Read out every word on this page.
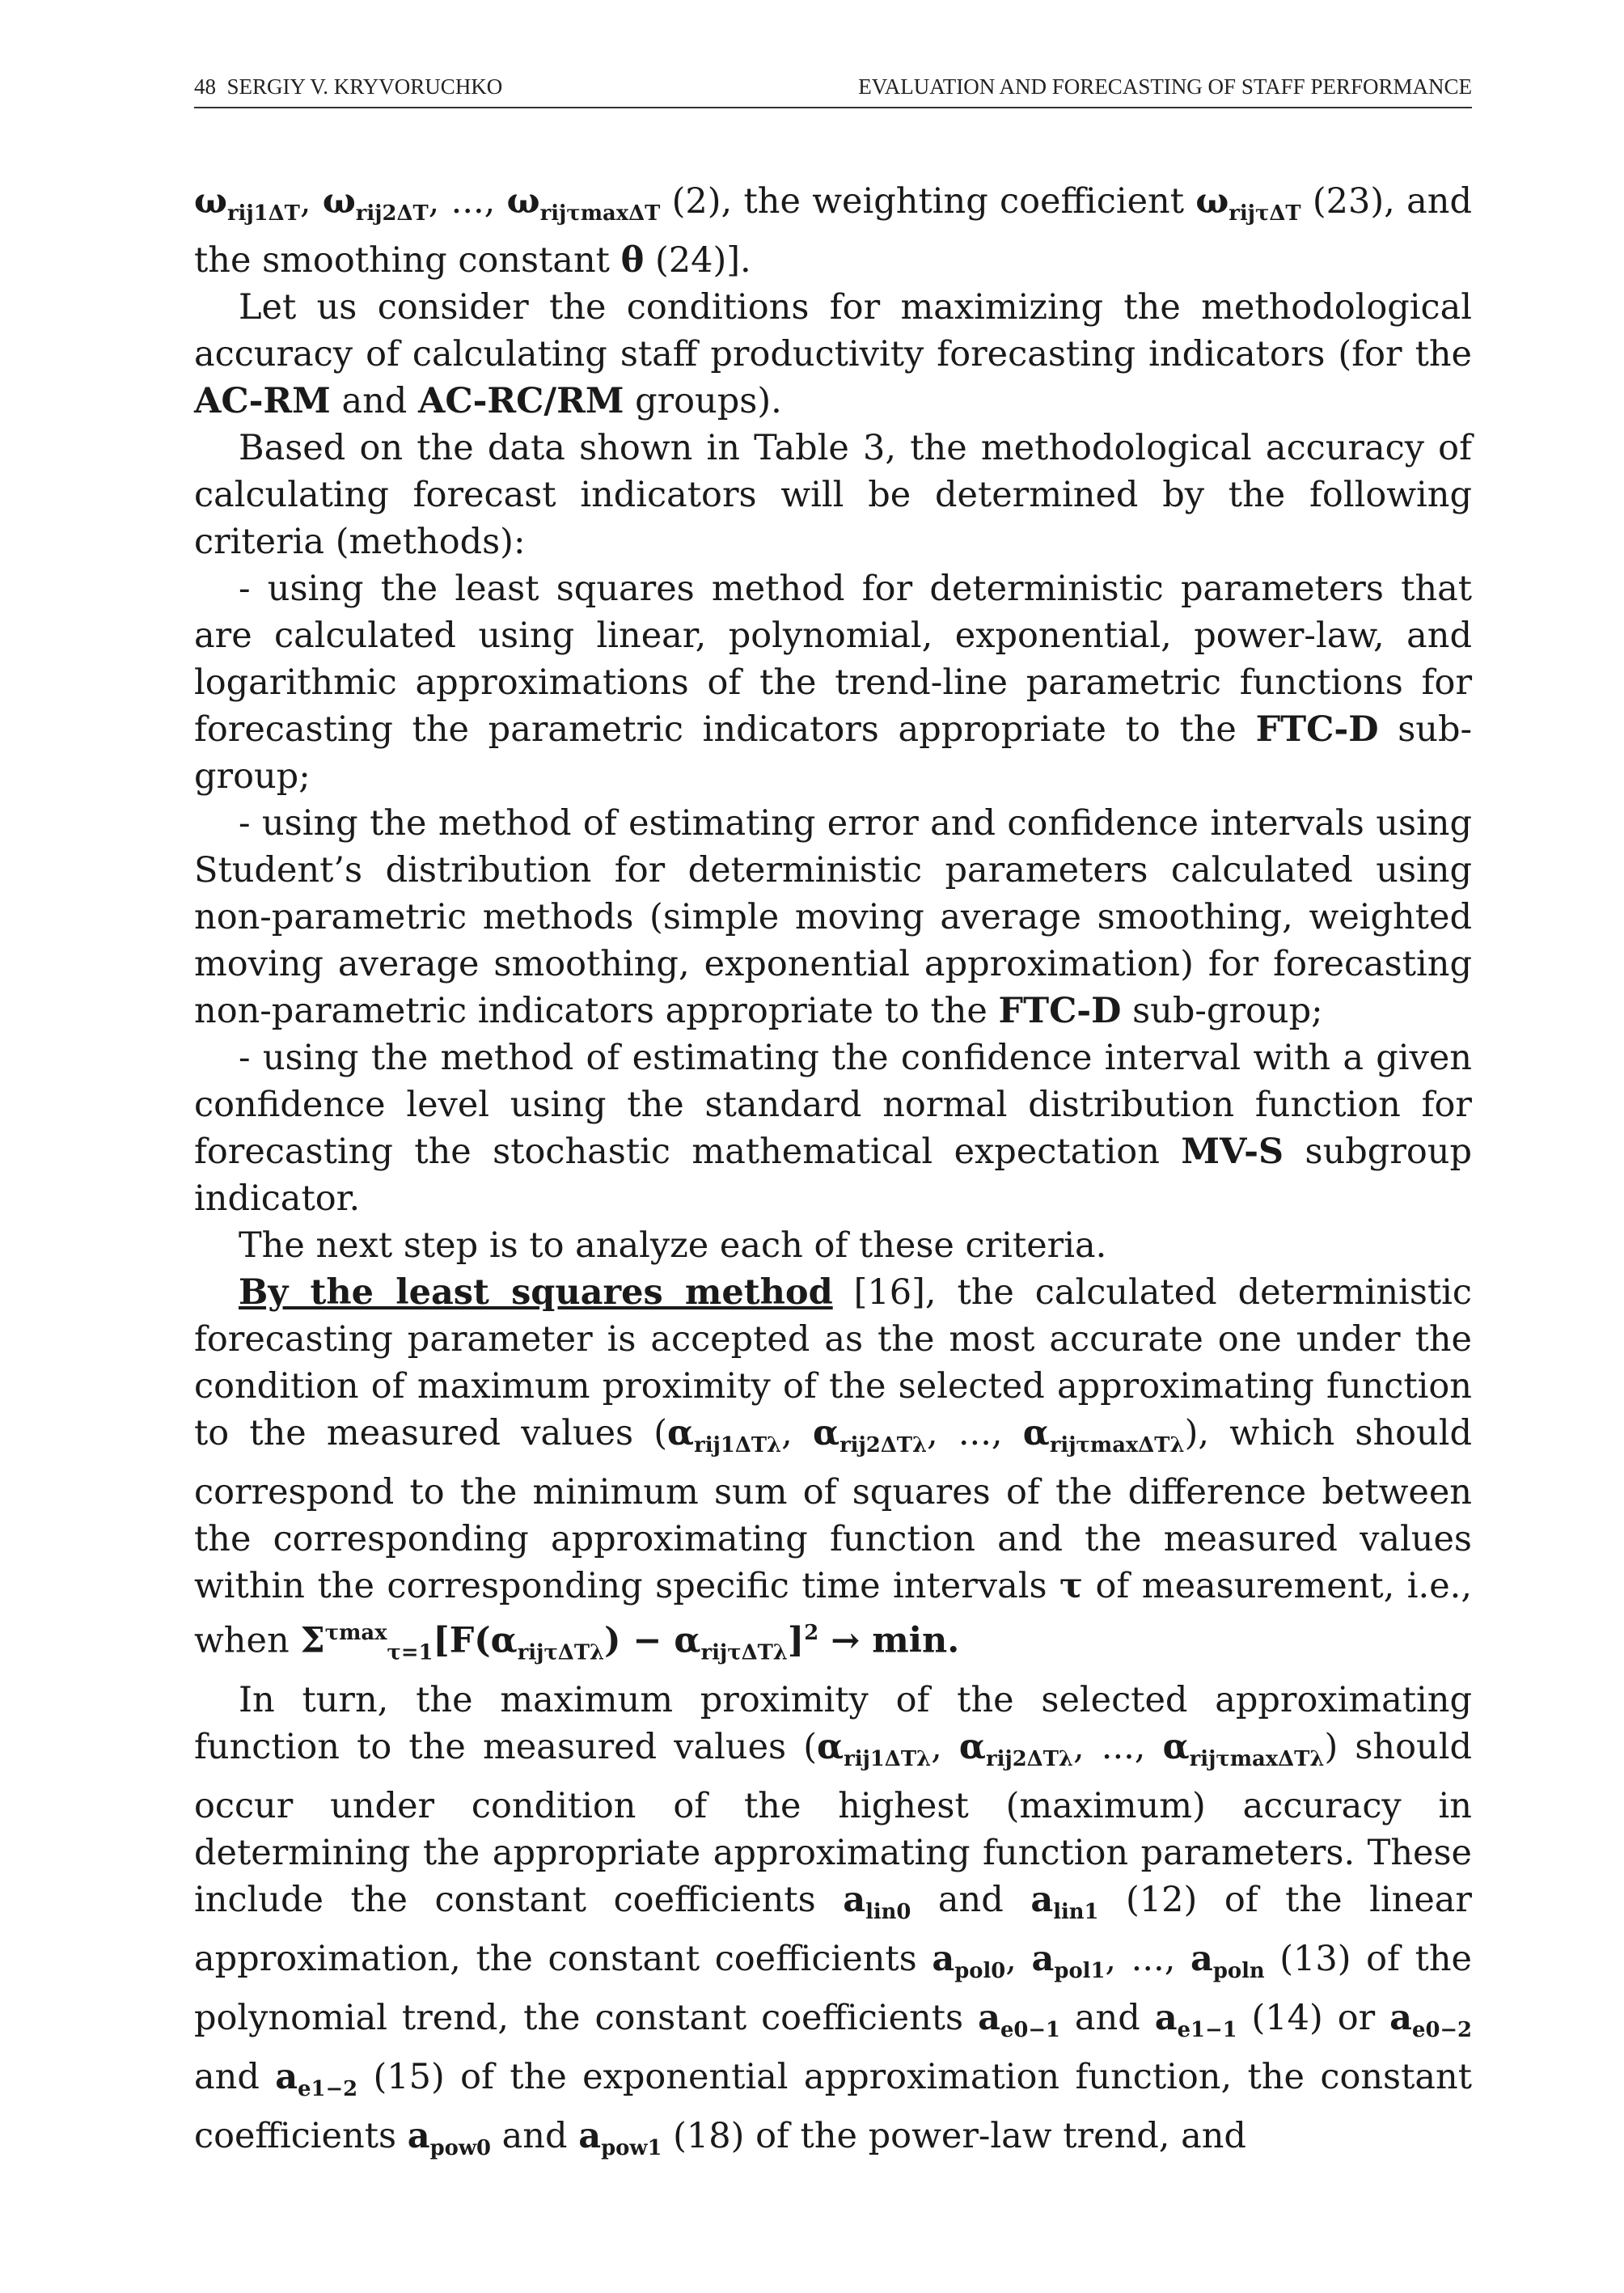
48 SERGIY V. KRYVORUCHKO	EVALUATION AND FORECASTING OF STAFF PERFORMANCE

$\omega_{rij1\Delta T}$, $\omega_{rij2\Delta T}$, ..., $\omega_{rij\tau max\Delta T}$ (2), the weighting coefficient $\omega_{rij\tau\Delta T}$ (23), and the smoothing constant θ (24)].

Let us consider the conditions for maximizing the methodological accuracy of calculating staff productivity forecasting indicators (for the AC-RM and AC-RC/RM groups).

Based on the data shown in Table 3, the methodological accuracy of calculating forecast indicators will be determined by the following criteria (methods):

- using the least squares method for deterministic parameters that are calculated using linear, polynomial, exponential, power-law, and logarithmic approximations of the trend-line parametric functions for forecasting the parametric indicators appropriate to the FTC-D sub-group;

- using the method of estimating error and confidence intervals using Student’s distribution for deterministic parameters calculated using non-parametric methods (simple moving average smoothing, weighted moving average smoothing, exponential approximation) for forecasting non-parametric indicators appropriate to the FTC-D sub-group;

- using the method of estimating the confidence interval with a given confidence level using the standard normal distribution function for forecasting the stochastic mathematical expectation MV-S subgroup indicator.

The next step is to analyze each of these criteria.

By the least squares method [16], the calculated deterministic forecasting parameter is accepted as the most accurate one under the condition of maximum proximity of the selected approximating function to the measured values ($\alpha_{rij1\Delta T\lambda}$, $\alpha_{rij2\Delta T\lambda}$, ..., $\alpha_{rij\tau max\Delta T\lambda}$), which should correspond to the minimum sum of squares of the difference between the corresponding approximating function and the measured values within the corresponding specific time intervals τ of measurement, i.e., when $\Sigma^{\tau max}_{\tau=1}[F(\alpha_{rij\tau\Delta T\lambda}) - \alpha_{rij\tau\Delta T\lambda}]^2 \to \min$.

In turn, the maximum proximity of the selected approximating function to the measured values ($\alpha_{rij1\Delta T\lambda}$, $\alpha_{rij2\Delta T\lambda}$, ..., $\alpha_{rij\tau max\Delta T\lambda}$) should occur under condition of the highest (maximum) accuracy in determining the appropriate approximating function parameters. These include the constant coefficients $a_{lin0}$ and $a_{lin1}$ (12) of the linear approximation, the constant coefficients $a_{pol0}$, $a_{pol1}$, ..., $a_{poln}$ (13) of the polynomial trend, the constant coefficients $a_{e0-1}$ and $a_{e1-1}$ (14) or $a_{e0-2}$ and $a_{e1-2}$ (15) of the exponential approximation function, the constant coefficients $a_{pow0}$ and $a_{pow1}$ (18) of the power-law trend, and
